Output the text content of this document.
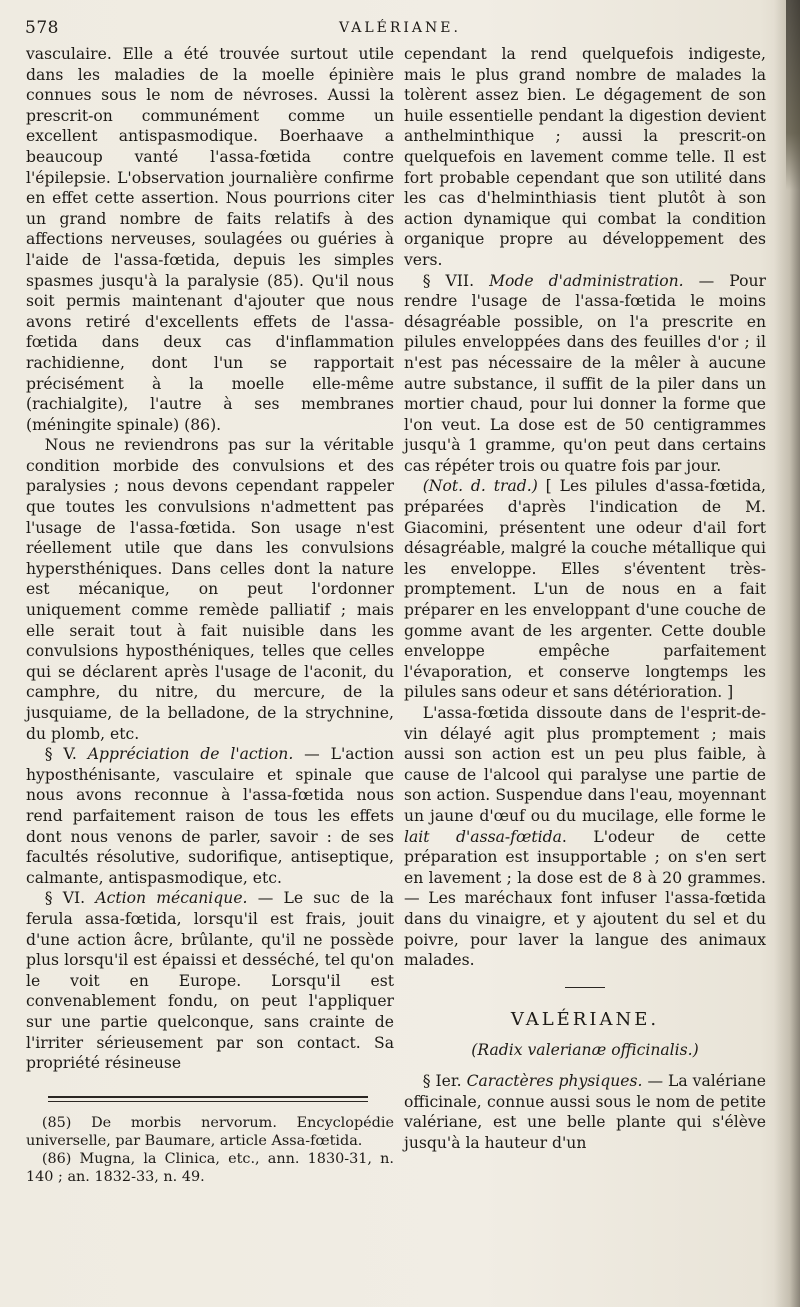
578	VALÉRIANE.

vasculaire. Elle a été trouvée surtout utile dans les maladies de la moelle épinière connues sous le nom de névroses. Aussi la prescrit-on communément comme un excellent antispasmodique. Boerhaave a beaucoup vanté l'assa-fœtida contre l'épilepsie. L'observation journalière confirme en effet cette assertion. Nous pourrions citer un grand nombre de faits relatifs à des affections nerveuses, soulagées ou guéries à l'aide de l'assa-fœtida, depuis les simples spasmes jusqu'à la paralysie (85). Qu'il nous soit permis maintenant d'ajouter que nous avons retiré d'excellents effets de l'assa-fœtida dans deux cas d'inflammation rachidienne, dont l'un se rapportait précisément à la moelle elle-même (rachialgite), l'autre à ses membranes (méningite spinale) (86).

Nous ne reviendrons pas sur la véritable condition morbide des convulsions et des paralysies ; nous devons cependant rappeler que toutes les convulsions n'admettent pas l'usage de l'assa-fœtida. Son usage n'est réellement utile que dans les convulsions hypersthéniques. Dans celles dont la nature est mécanique, on peut l'ordonner uniquement comme remède palliatif ; mais elle serait tout à fait nuisible dans les convulsions hyposthéniques, telles que celles qui se déclarent après l'usage de l'aconit, du camphre, du nitre, du mercure, de la jusquiame, de la belladone, de la strychnine, du plomb, etc.

§ V. Appréciation de l'action. — L'action hyposthénisante, vasculaire et spinale que nous avons reconnue à l'assa-fœtida nous rend parfaitement raison de tous les effets dont nous venons de parler, savoir : de ses facultés résolutive, sudorifique, antiseptique, calmante, antispasmodique, etc.

§ VI. Action mécanique. — Le suc de la ferula assa-fœtida, lorsqu'il est frais, jouit d'une action âcre, brûlante, qu'il ne possède plus lorsqu'il est épaissi et desséché, tel qu'on le voit en Europe. Lorsqu'il est convenablement fondu, on peut l'appliquer sur une partie quelconque, sans crainte de l'irriter sérieusement par son contact. Sa propriété résineuse

(85) De morbis nervorum. Encyclopédie universelle, par Baumare, article Assa-fœtida.

(86) Mugna, la Clinica, etc., ann. 1830-31, n. 140 ; an. 1832-33, n. 49.

cependant la rend quelquefois indigeste, mais le plus grand nombre de malades la tolèrent assez bien. Le dégagement de son huile essentielle pendant la digestion devient anthelminthique ; aussi la prescrit-on quelquefois en lavement comme telle. Il est fort probable cependant que son utilité dans les cas d'helminthiasis tient plutôt à son action dynamique qui combat la condition organique propre au développement des vers.

§ VII. Mode d'administration. — Pour rendre l'usage de l'assa-fœtida le moins désagréable possible, on l'a prescrite en pilules enveloppées dans des feuilles d'or ; il n'est pas nécessaire de la mêler à aucune autre substance, il suffit de la piler dans un mortier chaud, pour lui donner la forme que l'on veut. La dose est de 50 centigrammes jusqu'à 1 gramme, qu'on peut dans certains cas répéter trois ou quatre fois par jour.

(Not. d. trad.) [ Les pilules d'assa-fœtida, préparées d'après l'indication de M. Giacomini, présentent une odeur d'ail fort désagréable, malgré la couche métallique qui les enveloppe. Elles s'éventent très-promptement. L'un de nous en a fait préparer en les enveloppant d'une couche de gomme avant de les argenter. Cette double enveloppe empêche parfaitement l'évaporation, et conserve longtemps les pilules sans odeur et sans détérioration. ]

L'assa-fœtida dissoute dans de l'esprit-de-vin délayé agit plus promptement ; mais aussi son action est un peu plus faible, à cause de l'alcool qui paralyse une partie de son action. Suspendue dans l'eau, moyennant un jaune d'œuf ou du mucilage, elle forme le lait d'assa-fœtida. L'odeur de cette préparation est insupportable ; on s'en sert en lavement ; la dose est de 8 à 20 grammes. — Les maréchaux font infuser l'assa-fœtida dans du vinaigre, et y ajoutent du sel et du poivre, pour laver la langue des animaux malades.

VALÉRIANE.
(Radix valerianæ officinalis.)

§ Ier. Caractères physiques. — La valériane officinale, connue aussi sous le nom de petite valériane, est une belle plante qui s'élève jusqu'à la hauteur d'un
